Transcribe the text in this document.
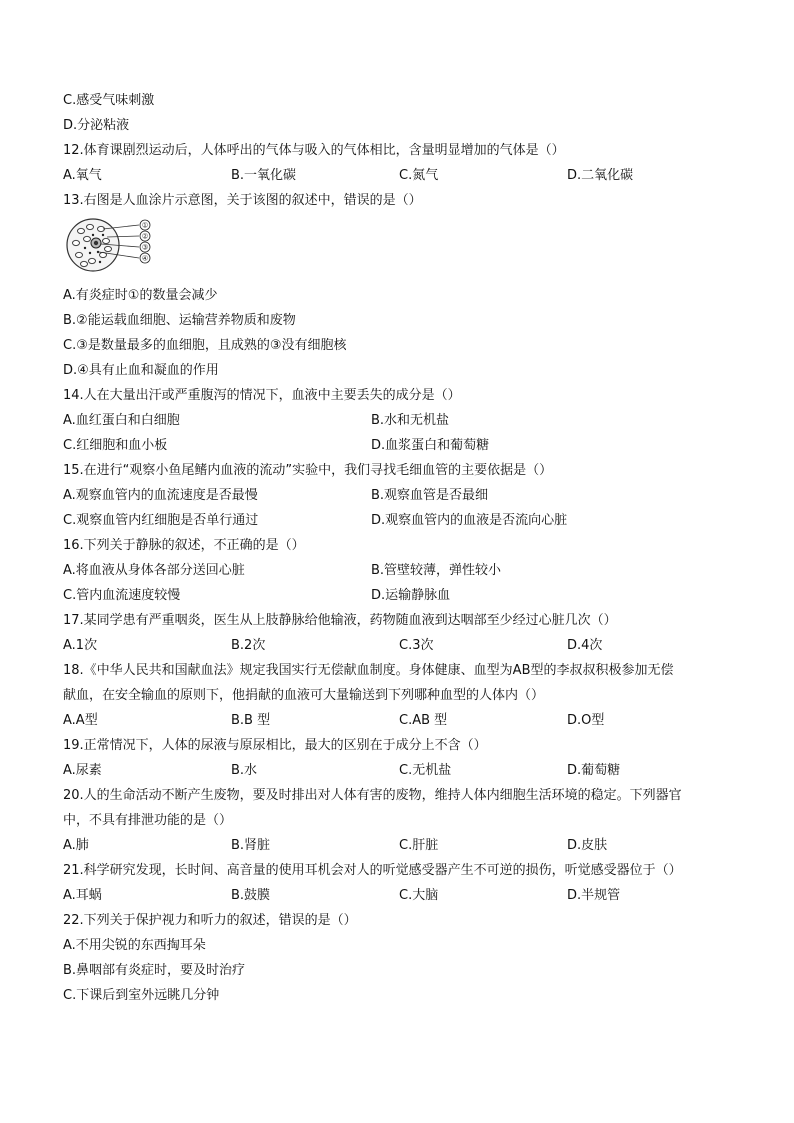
C.感受气味刺激
D.分泌粘液
12.体育课剧烈运动后，人体呼出的气体与吸入的气体相比，含量明显增加的气体是（）
A.氧气	B.一氧化碳	C.氮气	D.二氧化碳
13.右图是人血涂片示意图，关于该图的叙述中，错误的是（）
①
②
③
④
A.有炎症时①的数量会减少
B.②能运载血细胞、运输营养物质和废物
C.③是数量最多的血细胞，且成熟的③没有细胞核
D.④具有止血和凝血的作用
14.人在大量出汗或严重腹泻的情况下，血液中主要丢失的成分是（）
A.血红蛋白和白细胞	B.水和无机盐
C.红细胞和血小板	D.血浆蛋白和葡萄糖
15.在进行“观察小鱼尾鳍内血液的流动”实验中，我们寻找毛细血管的主要依据是（）
A.观察血管内的血流速度是否最慢	B.观察血管是否最细
C.观察血管内红细胞是否单行通过	D.观察血管内的血液是否流向心脏
16.下列关于静脉的叙述，不正确的是（）
A.将血液从身体各部分送回心脏	B.管壁较薄，弹性较小
C.管内血流速度较慢	D.运输静脉血
17.某同学患有严重咽炎，医生从上肢静脉给他输液，药物随血液到达咽部至少经过心脏几次（）
A.1次	B.2次	C.3次	D.4次
18.《中华人民共和国献血法》规定我国实行无偿献血制度。身体健康、血型为AB型的李叔叔积极参加无偿
献血，在安全输血的原则下，他捐献的血液可大量输送到下列哪种血型的人体内（）
A.A型	B.B 型	C.AB 型	D.O型
19.正常情况下，人体的尿液与原尿相比，最大的区别在于成分上不含（）
A.尿素	B.水	C.无机盐	D.葡萄糖
20.人的生命活动不断产生废物，要及时排出对人体有害的废物，维持人体内细胞生活环境的稳定。下列器官
中，不具有排泄功能的是（）
A.肺	B.肾脏	C.肝脏	D.皮肤
21.科学研究发现，长时间、高音量的使用耳机会对人的听觉感受器产生不可逆的损伤，听觉感受器位于（）
A.耳蜗	B.鼓膜	C.大脑	D.半规管
22.下列关于保护视力和听力的叙述，错误的是（）
A.不用尖锐的东西掏耳朵
B.鼻咽部有炎症时，要及时治疗
C.下课后到室外远眺几分钟
